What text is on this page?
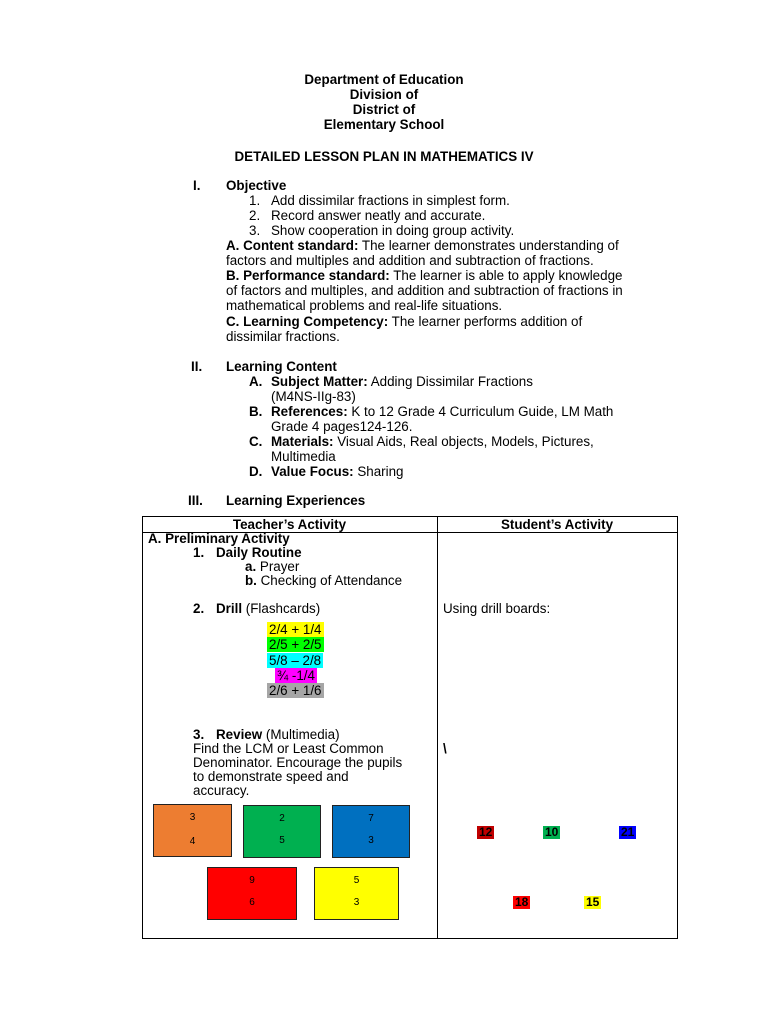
Department of Education
Division of
District of
Elementary School
DETAILED LESSON PLAN IN MATHEMATICS IV
I. Objective
1. Add dissimilar fractions in simplest form.
2. Record answer neatly and accurate.
3. Show cooperation in doing group activity.
A. Content standard: The learner demonstrates understanding of
factors and multiples and addition and subtraction of fractions.
B. Performance standard: The learner is able to apply knowledge
of factors and multiples, and addition and subtraction of fractions in
mathematical problems and real-life situations.
C. Learning Competency: The learner performs addition of
dissimilar fractions.
II. Learning Content
A. Subject Matter: Adding Dissimilar Fractions
(M4NS-IIg-83)
B. References: K to 12 Grade 4 Curriculum Guide, LM Math
Grade 4 pages124-126.
C. Materials: Visual Aids, Real objects, Models, Pictures,
Multimedia
D. Value Focus: Sharing
III. Learning Experiences
Teacher’s Activity	Student’s Activity
A. Preliminary Activity
1. Daily Routine
a. Prayer
b. Checking of Attendance
2. Drill (Flashcards)	Using drill boards:
2/4 + 1/4
2/5 + 2/5
5/8 – 2/8
¾ -1/4
2/6 + 1/6
3. Review (Multimedia)
Find the LCM or Least Common
Denominator. Encourage the pupils
to demonstrate speed and
accuracy.
\
3
4
2
5
7
3
9
6
5
3
12	10	21
18	15
